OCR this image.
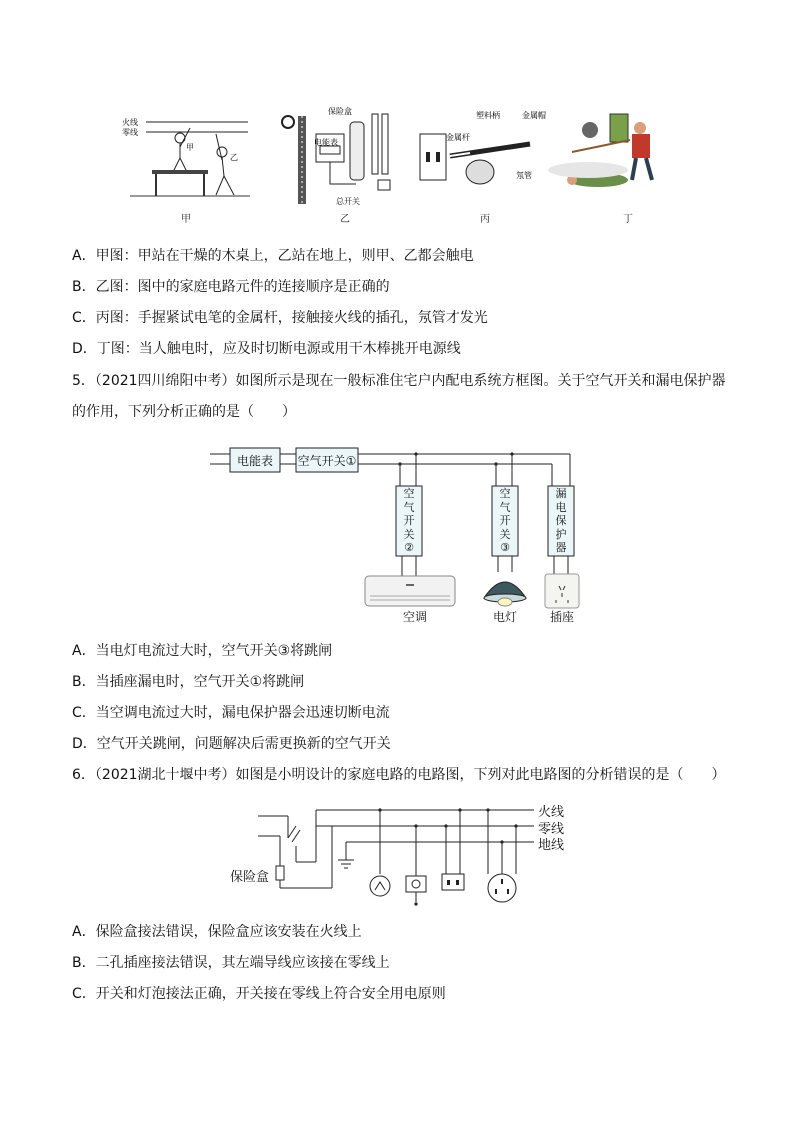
火线
零线
甲
乙
电能表
保险盒
总开关
塑料柄	金属帽
金属杆
氖管
甲	乙	丙	丁
A．甲图：甲站在干燥的木桌上，乙站在地上，则甲、乙都会触电
B．乙图：图中的家庭电路元件的连接顺序是正确的
C．丙图：手握紧试电笔的金属杆，接触接火线的插孔，氖管才发光
D．丁图：当人触电时，应及时切断电源或用干木棒挑开电源线
5．（2021四川绵阳中考）如图所示是现在一般标准住宅户内配电系统方框图。关于空气开关和漏电保护器
的作用，下列分析正确的是（　　）
电能表	空气开关①
空
气
开
关
②
空
气
开
关
③
漏
电
保
护
器
空调	电灯	插座
A．当电灯电流过大时，空气开关③将跳闸
B．当插座漏电时，空气开关①将跳闸
C．当空调电流过大时，漏电保护器会迅速切断电流
D．空气开关跳闸，问题解决后需更换新的空气开关
6．（2021湖北十堰中考）如图是小明设计的家庭电路的电路图，下列对此电路图的分析错误的是（　　）
火线
零线
地线
保险盒
A．保险盒接法错误，保险盒应该安装在火线上
B．二孔插座接法错误，其左端导线应该接在零线上
C．开关和灯泡接法正确，开关接在零线上符合安全用电原则
